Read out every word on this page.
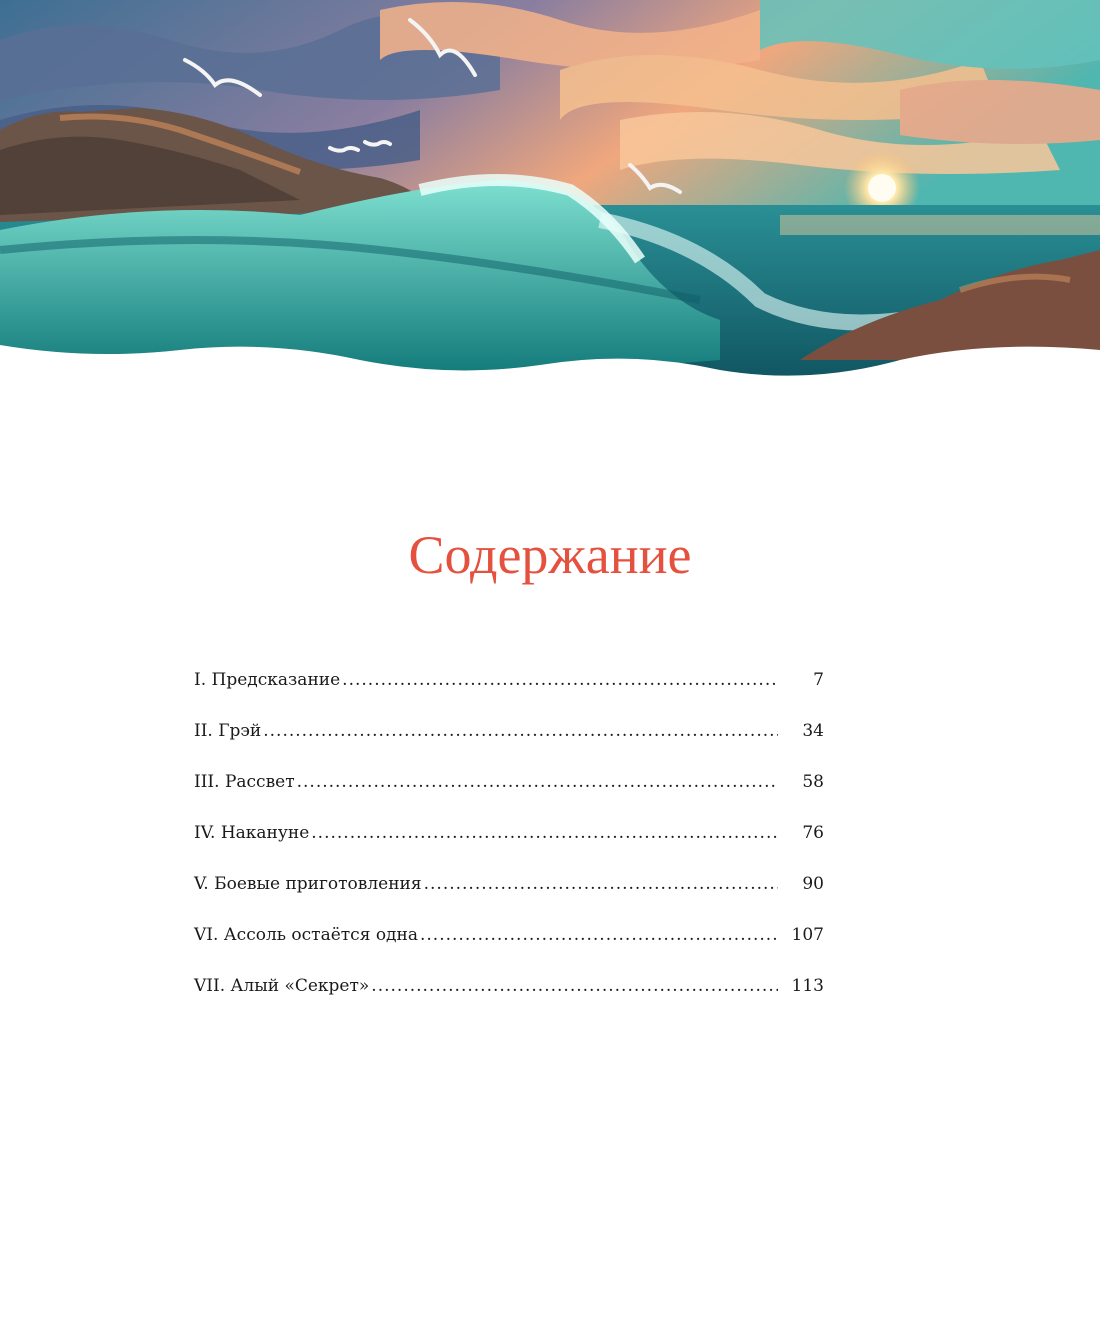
Содержание
I. Предсказание .....	7
II. Грэй .....	34
III. Рассвет .....	58
IV. Накануне .....	76
V. Боевые приготовления .....	90
VI. Ассоль остаётся одна .....	107
VII. Алый «Секрет» .....	113
